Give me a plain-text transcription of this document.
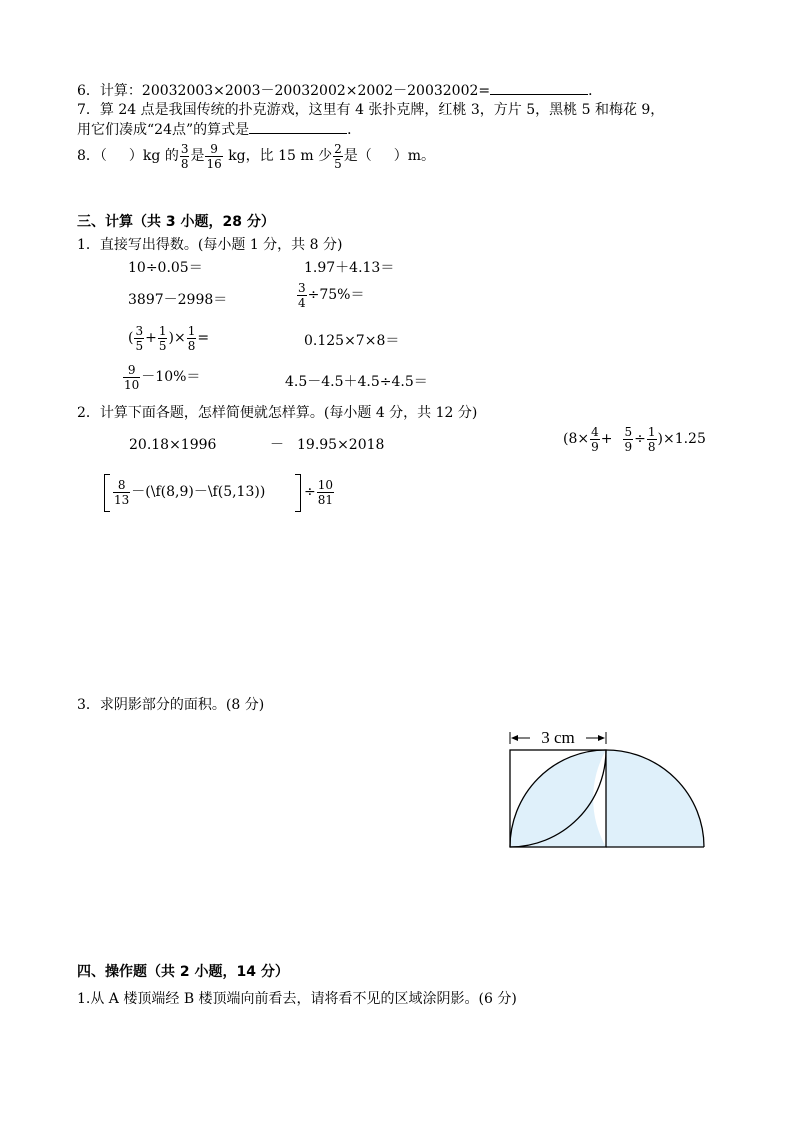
6．计算：20032003×2003－20032002×2002－20032002=	．
7．算 24 点是我国传统的扑克游戏，这里有 4 张扑克牌，红桃 3，方片 5，黑桃 5 和梅花 9，
用它们凑成“24点”的算式是	．
8．（ ）kg 的 $\frac{3}{8}$ 是 $\frac{9}{16}$ kg，比 15 m 少 $\frac{2}{5}$ 是（ ）m。
三、计算（共 3 小题，28 分）
1．直接写出得数。(每小题 1 分，共 8 分)
10÷0.05＝	1.97＋4.13＝
3897－2998＝	$\frac{3}{4} \div 75\%=$
( $\frac{3}{5} + \frac{1}{5}$ )× $\frac{1}{8}$ =	0.125×7×8＝
$\frac{9}{10} -10\%=$	4.5－4.5＋4.5÷4.5＝
2．计算下面各题，怎样简便就怎样算。(每小题 4 分，共 12 分)
20.18×1996	－ 19.95×2018	$(8\times \frac{4}{9} + \frac{5}{9} \div \frac{1}{8} )\times 1.25$
$\frac{8}{13}$ －(\f(8,9)－\f(5,13))	÷ $\frac{10}{81}$
3．求阴影部分的面积。(8 分)
3 cm
四、操作题（共 2 小题，14 分）
1.从 A 楼顶端经 B 楼顶端向前看去，请将看不见的区域涂阴影。(6 分)
